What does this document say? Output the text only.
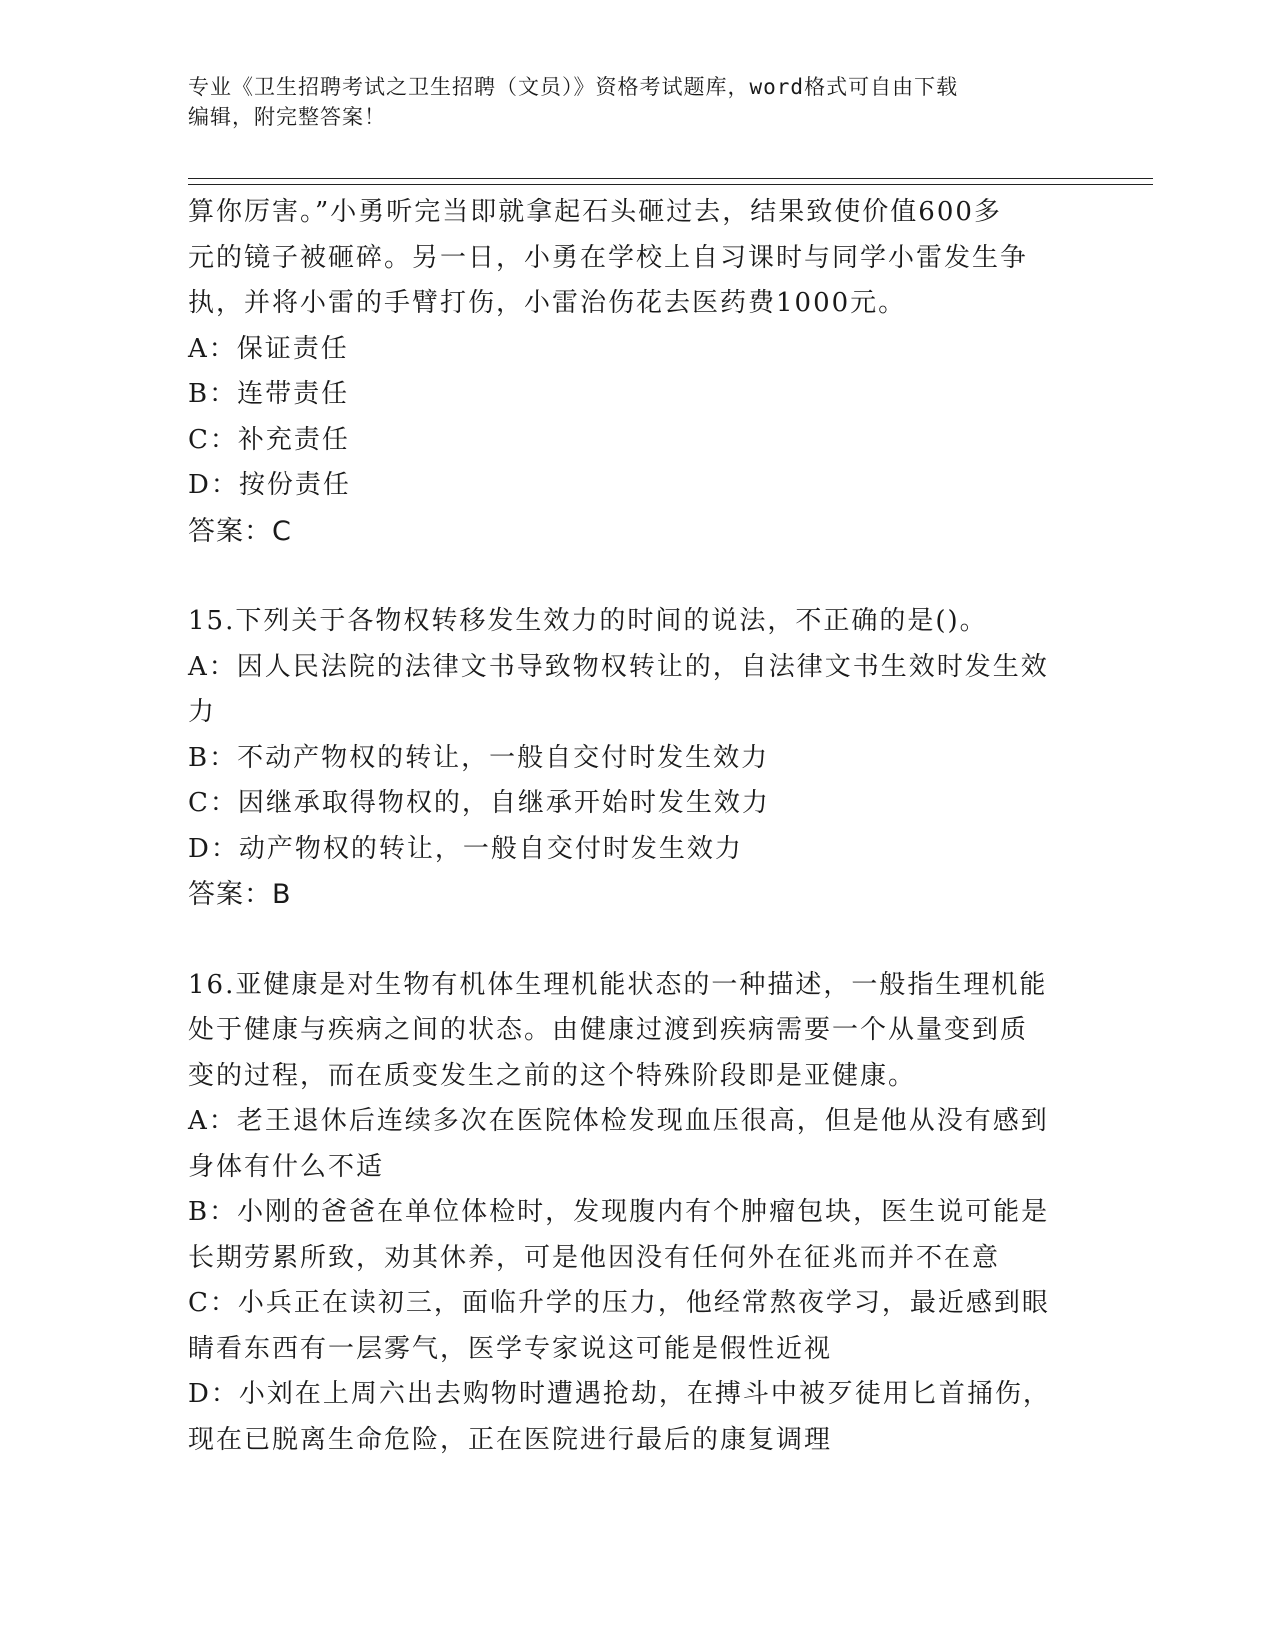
专业《卫生招聘考试之卫生招聘（文员）》资格考试题库，word格式可自由下载
编辑，附完整答案！

算你厉害。”小勇听完当即就拿起石头砸过去，结果致使价值600多

元的镜子被砸碎。另一日，小勇在学校上自习课时与同学小雷发生争

执，并将小雷的手臂打伤，小雷治伤花去医药费1000元。

A：保证责任

B：连带责任

C：补充责任

D：按份责任

答案：C

15.下列关于各物权转移发生效力的时间的说法，不正确的是()。

A：因人民法院的法律文书导致物权转让的，自法律文书生效时发生效

力

B：不动产物权的转让，一般自交付时发生效力

C：因继承取得物权的，自继承开始时发生效力

D：动产物权的转让，一般自交付时发生效力

答案：B

16.亚健康是对生物有机体生理机能状态的一种描述，一般指生理机能

处于健康与疾病之间的状态。由健康过渡到疾病需要一个从量变到质

变的过程，而在质变发生之前的这个特殊阶段即是亚健康。

A：老王退休后连续多次在医院体检发现血压很高，但是他从没有感到

身体有什么不适

B：小刚的爸爸在单位体检时，发现腹内有个肿瘤包块，医生说可能是

长期劳累所致，劝其休养，可是他因没有任何外在征兆而并不在意

C：小兵正在读初三，面临升学的压力，他经常熬夜学习，最近感到眼

睛看东西有一层雾气，医学专家说这可能是假性近视

D：小刘在上周六出去购物时遭遇抢劫，在搏斗中被歹徒用匕首捅伤，

现在已脱离生命危险，正在医院进行最后的康复调理
